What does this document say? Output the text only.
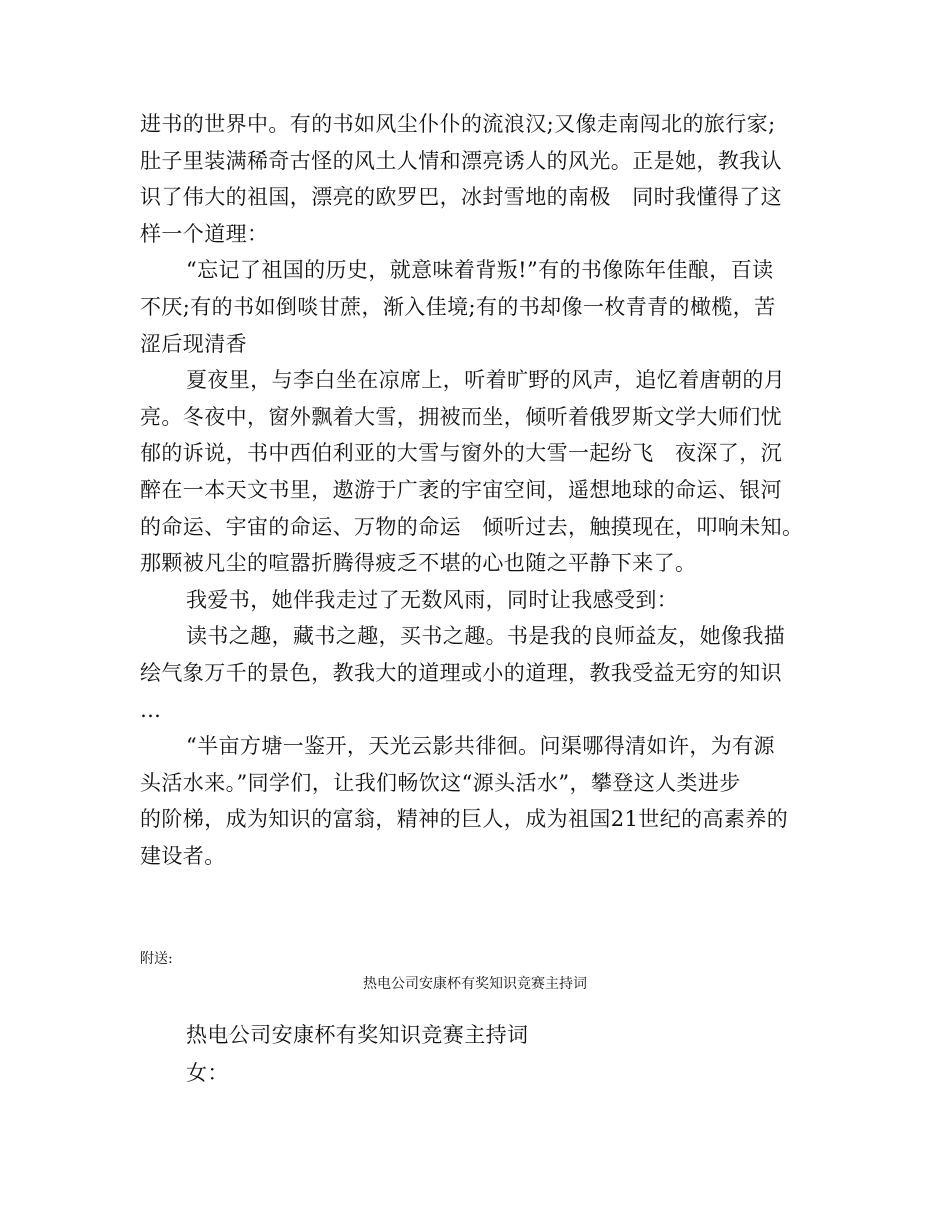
进书的世界中。有的书如风尘仆仆的流浪汉;又像走南闯北的旅行家;
肚子里装满稀奇古怪的风土人情和漂亮诱人的风光。正是她，教我认
识了伟大的祖国，漂亮的欧罗巴，冰封雪地的南极　同时我懂得了这
样一个道理：
“忘记了祖国的历史，就意味着背叛!”有的书像陈年佳酿，百读
不厌;有的书如倒啖甘蔗，渐入佳境;有的书却像一枚青青的橄榄，苦
涩后现清香
夏夜里，与李白坐在凉席上，听着旷野的风声，追忆着唐朝的月
亮。冬夜中，窗外飘着大雪，拥被而坐，倾听着俄罗斯文学大师们忧
郁的诉说，书中西伯利亚的大雪与窗外的大雪一起纷飞　夜深了，沉
醉在一本天文书里，遨游于广袤的宇宙空间，遥想地球的命运、银河
的命运、宇宙的命运、万物的命运　倾听过去，触摸现在，叩响未知。
那颗被凡尘的喧嚣折腾得疲乏不堪的心也随之平静下来了。
我爱书，她伴我走过了无数风雨，同时让我感受到：
读书之趣，藏书之趣，买书之趣。书是我的良师益友，她像我描
绘气象万千的景色，教我大的道理或小的道理，教我受益无穷的知识
…
“半亩方塘一鉴开，天光云影共徘徊。问渠哪得清如许，为有源
头活水来。”同学们，让我们畅饮这“源头活水”，攀登这人类进步
的阶梯，成为知识的富翁，精神的巨人，成为祖国21世纪的高素养的
建设者。
附送:
热电公司安康杯有奖知识竞赛主持词
热电公司安康杯有奖知识竞赛主持词
女：
